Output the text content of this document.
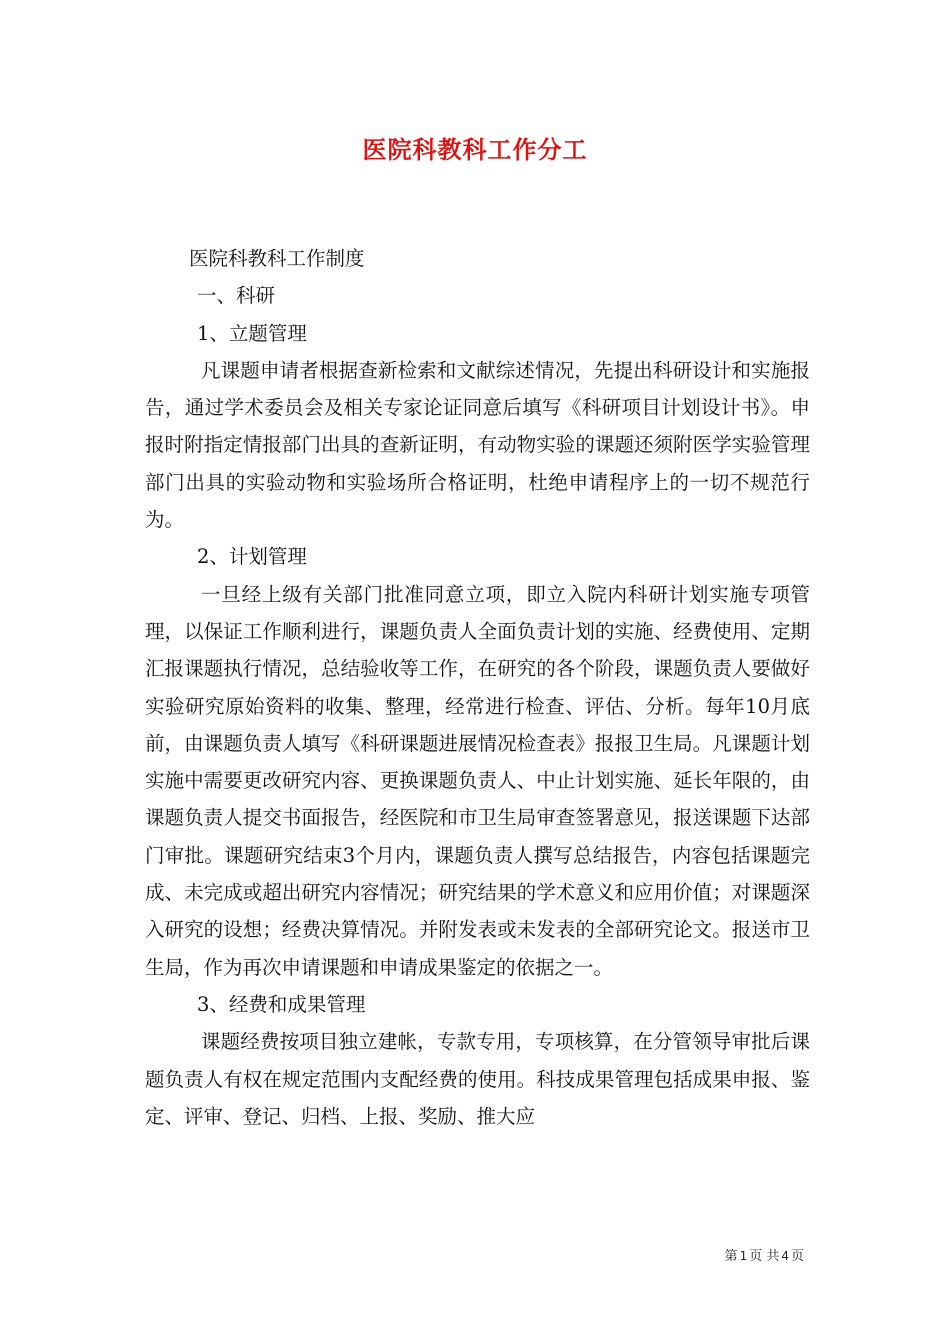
医院科教科工作分工

医院科教科工作制度

一、科研

1、立题管理

凡课题申请者根据查新检索和文献综述情况，先提出科研设计和实施报告，通过学术委员会及相关专家论证同意后填写《科研项目计划设计书》。申报时附指定情报部门出具的查新证明，有动物实验的课题还须附医学实验管理部门出具的实验动物和实验场所合格证明，杜绝申请程序上的一切不规范行为。

2、计划管理

一旦经上级有关部门批准同意立项，即立入院内科研计划实施专项管理，以保证工作顺利进行，课题负责人全面负责计划的实施、经费使用、定期汇报课题执行情况，总结验收等工作，在研究的各个阶段，课题负责人要做好实验研究原始资料的收集、整理，经常进行检查、评估、分析。每年10月底前，由课题负责人填写《科研课题进展情况检查表》报报卫生局。凡课题计划实施中需要更改研究内容、更换课题负责人、中止计划实施、延长年限的，由课题负责人提交书面报告，经医院和市卫生局审查签署意见，报送课题下达部门审批。课题研究结束3个月内，课题负责人撰写总结报告，内容包括课题完成、未完成或超出研究内容情况；研究结果的学术意义和应用价值；对课题深入研究的设想；经费决算情况。并附发表或未发表的全部研究论文。报送市卫生局，作为再次申请课题和申请成果鉴定的依据之一。

3、经费和成果管理

课题经费按项目独立建帐，专款专用，专项核算，在分管领导审批后课题负责人有权在规定范围内支配经费的使用。科技成果管理包括成果申报、鉴定、评审、登记、归档、上报、奖励、推大应

第 1 页 共 4 页
